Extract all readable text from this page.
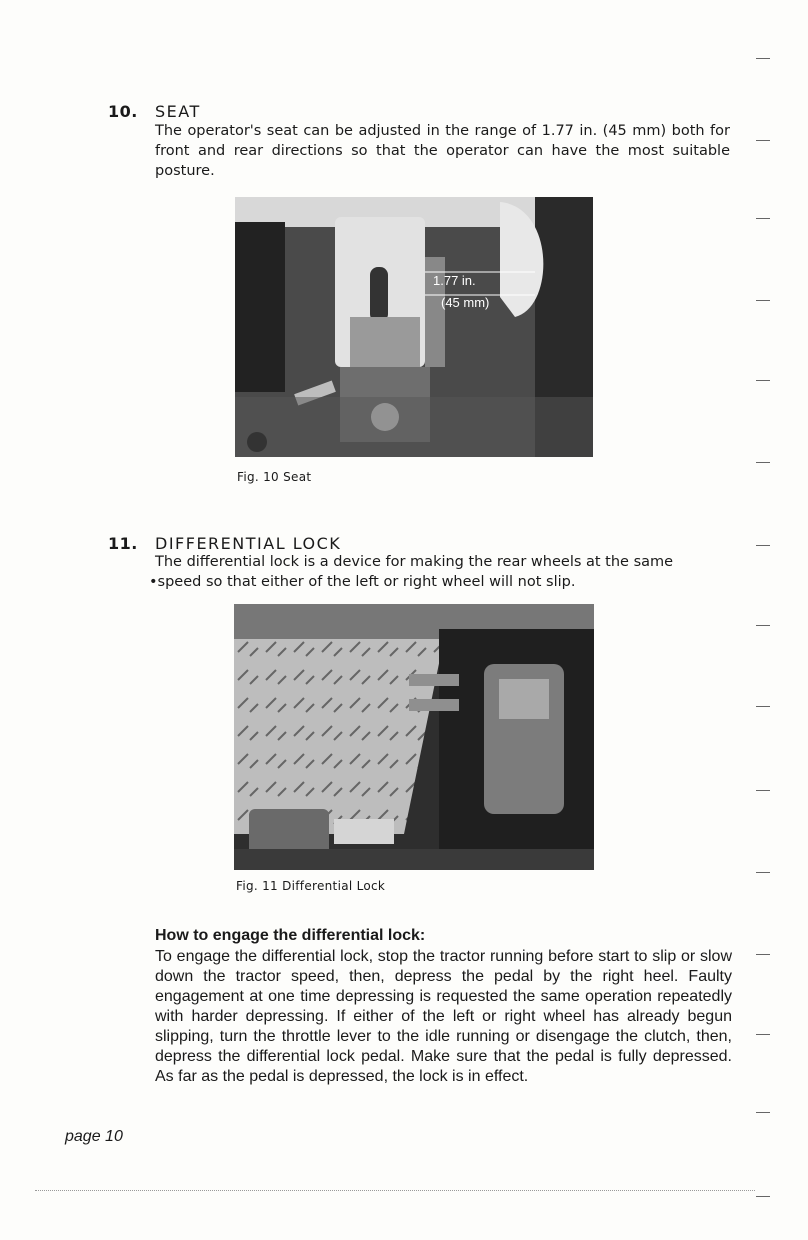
10. SEAT

The operator's seat can be adjusted in the range of 1.77 in. (45 mm) both for front and rear directions so that the operator can have the most suitable posture.

1.77 in.
(45 mm)
Fig. 10 Seat
11. DIFFERENTIAL LOCK

The differential lock is a device for making the rear wheels at the same

•speed so that either of the left or right wheel will not slip.

Fig. 11 Differential Lock
How to engage the differential lock:
To engage the differential lock, stop the tractor running before start to slip or slow down the tractor speed, then, depress the pedal by the right heel. Faulty engagement at one time depressing is requested the same operation repeatedly with harder depressing. If either of the left or right wheel has already begun slipping, turn the throttle lever to the idle running or disengage the clutch, then, depress the differential lock pedal. Make sure that the pedal is fully depressed. As far as the pedal is depressed, the lock is in effect.
page 10
